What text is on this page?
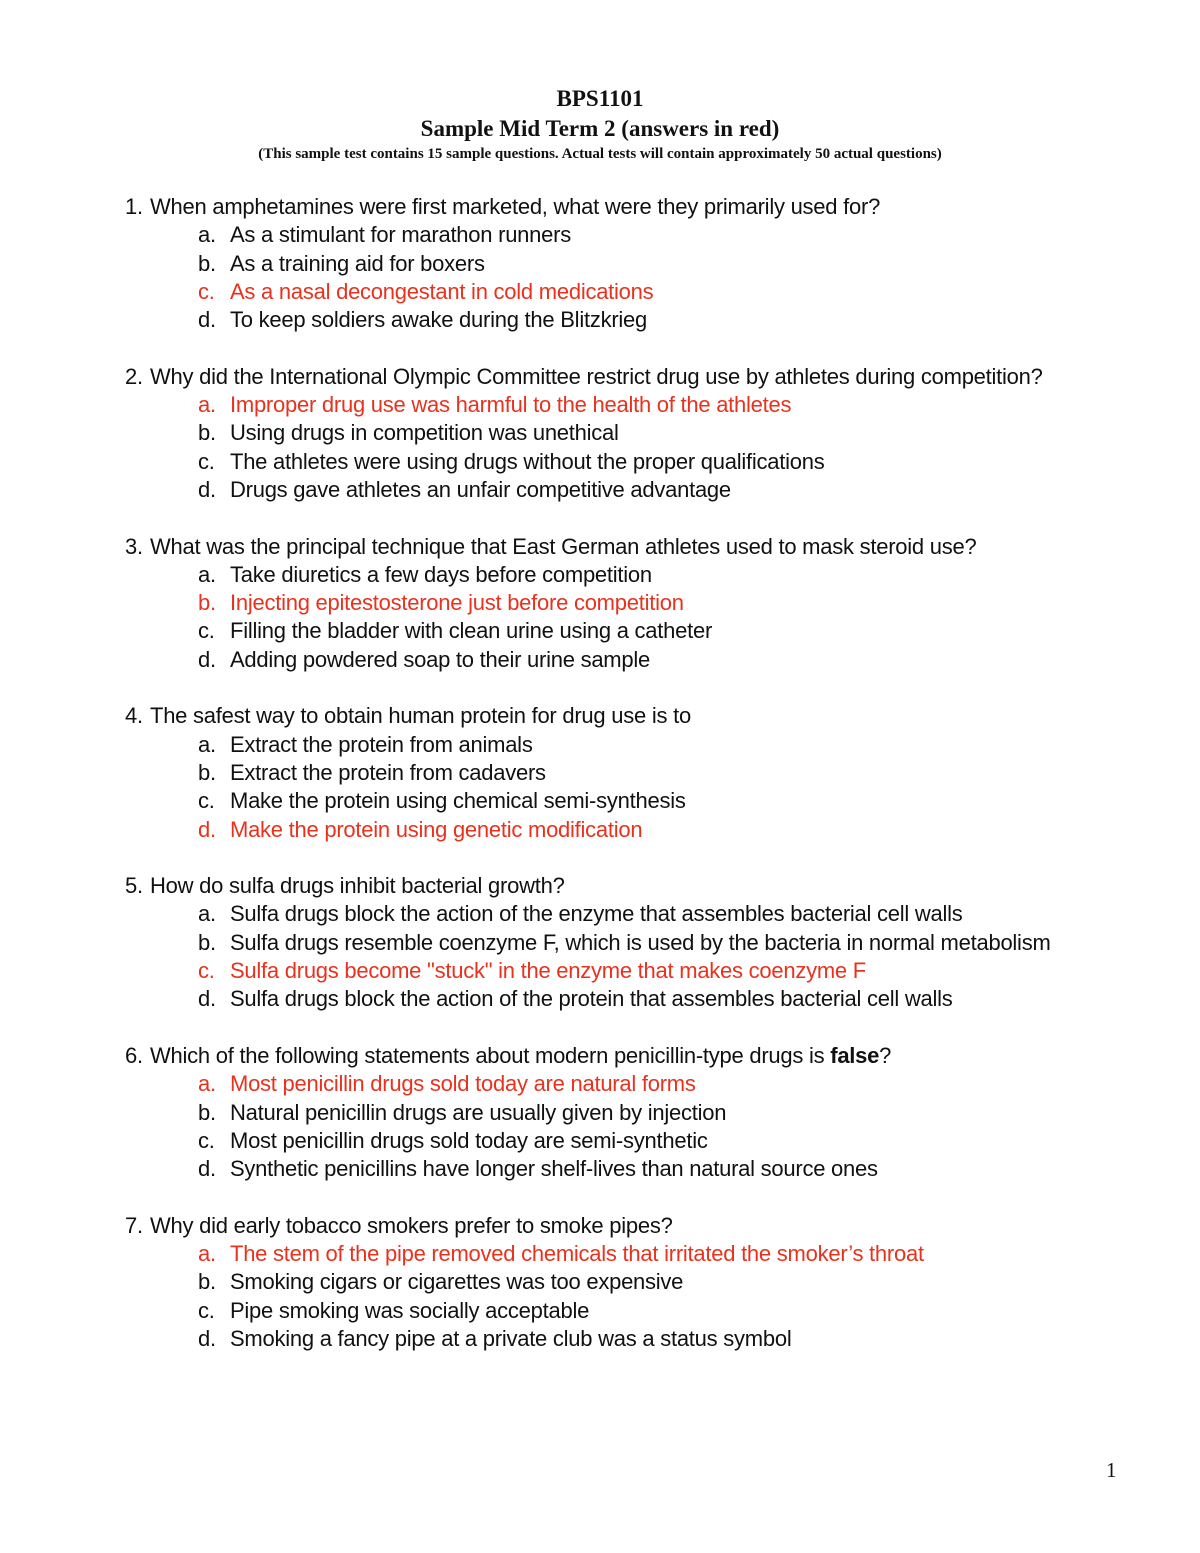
BPS1101
Sample Mid Term 2 (answers in red)
(This sample test contains 15 sample questions. Actual tests will contain approximately 50 actual questions)
1. When amphetamines were first marketed, what were they primarily used for?
a. As a stimulant for marathon runners
b. As a training aid for boxers
c. As a nasal decongestant in cold medications
d. To keep soldiers awake during the Blitzkrieg
2. Why did the International Olympic Committee restrict drug use by athletes during competition?
a. Improper drug use was harmful to the health of the athletes
b. Using drugs in competition was unethical
c. The athletes were using drugs without the proper qualifications
d. Drugs gave athletes an unfair competitive advantage
3. What was the principal technique that East German athletes used to mask steroid use?
a. Take diuretics a few days before competition
b. Injecting epitestosterone just before competition
c. Filling the bladder with clean urine using a catheter
d. Adding powdered soap to their urine sample
4. The safest way to obtain human protein for drug use is to
a. Extract the protein from animals
b. Extract the protein from cadavers
c. Make the protein using chemical semi-synthesis
d. Make the protein using genetic modification
5. How do sulfa drugs inhibit bacterial growth?
a. Sulfa drugs block the action of the enzyme that assembles bacterial cell walls
b. Sulfa drugs resemble coenzyme F, which is used by the bacteria in normal metabolism
c. Sulfa drugs become "stuck" in the enzyme that makes coenzyme F
d. Sulfa drugs block the action of the protein that assembles bacterial cell walls
6. Which of the following statements about modern penicillin-type drugs is false?
a. Most penicillin drugs sold today are natural forms
b. Natural penicillin drugs are usually given by injection
c. Most penicillin drugs sold today are semi-synthetic
d. Synthetic penicillins have longer shelf-lives than natural source ones
7. Why did early tobacco smokers prefer to smoke pipes?
a. The stem of the pipe removed chemicals that irritated the smoker’s throat
b. Smoking cigars or cigarettes was too expensive
c. Pipe smoking was socially acceptable
d. Smoking a fancy pipe at a private club was a status symbol
1
